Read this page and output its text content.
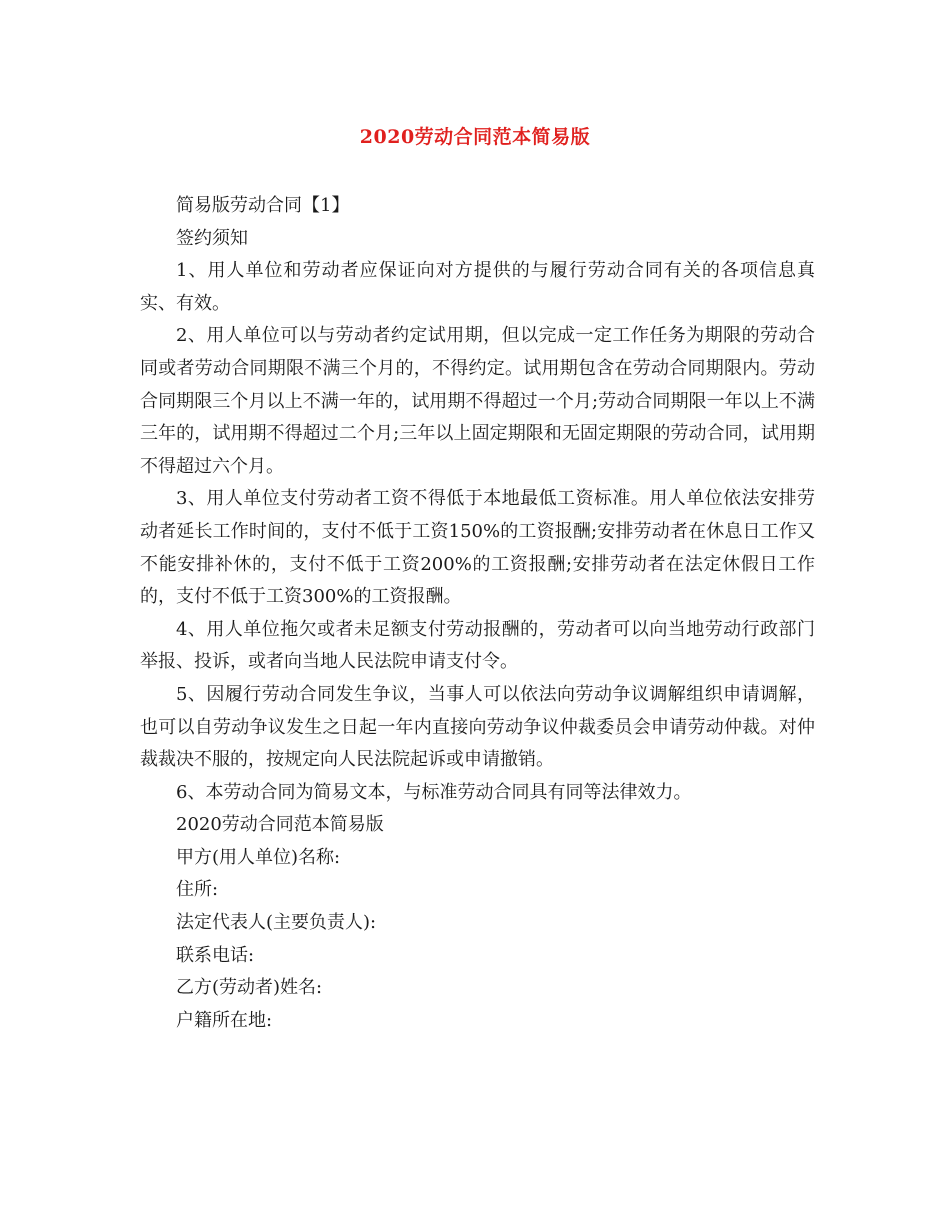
2020劳动合同范本简易版

简易版劳动合同【1】

签约须知

1、用人单位和劳动者应保证向对方提供的与履行劳动合同有关的各项信息真实、有效。

2、用人单位可以与劳动者约定试用期，但以完成一定工作任务为期限的劳动合同或者劳动合同期限不满三个月的，不得约定。试用期包含在劳动合同期限内。劳动合同期限三个月以上不满一年的，试用期不得超过一个月;劳动合同期限一年以上不满三年的，试用期不得超过二个月;三年以上固定期限和无固定期限的劳动合同，试用期不得超过六个月。

3、用人单位支付劳动者工资不得低于本地最低工资标准。用人单位依法安排劳动者延长工作时间的，支付不低于工资150%的工资报酬;安排劳动者在休息日工作又不能安排补休的，支付不低于工资200%的工资报酬;安排劳动者在法定休假日工作的，支付不低于工资300%的工资报酬。

4、用人单位拖欠或者未足额支付劳动报酬的，劳动者可以向当地劳动行政部门举报、投诉，或者向当地人民法院申请支付令。

5、因履行劳动合同发生争议，当事人可以依法向劳动争议调解组织申请调解，也可以自劳动争议发生之日起一年内直接向劳动争议仲裁委员会申请劳动仲裁。对仲裁裁决不服的，按规定向人民法院起诉或申请撤销。

6、本劳动合同为简易文本，与标准劳动合同具有同等法律效力。

2020劳动合同范本简易版

甲方(用人单位)名称:

住所:

法定代表人(主要负责人):

联系电话:

乙方(劳动者)姓名:

户籍所在地:
